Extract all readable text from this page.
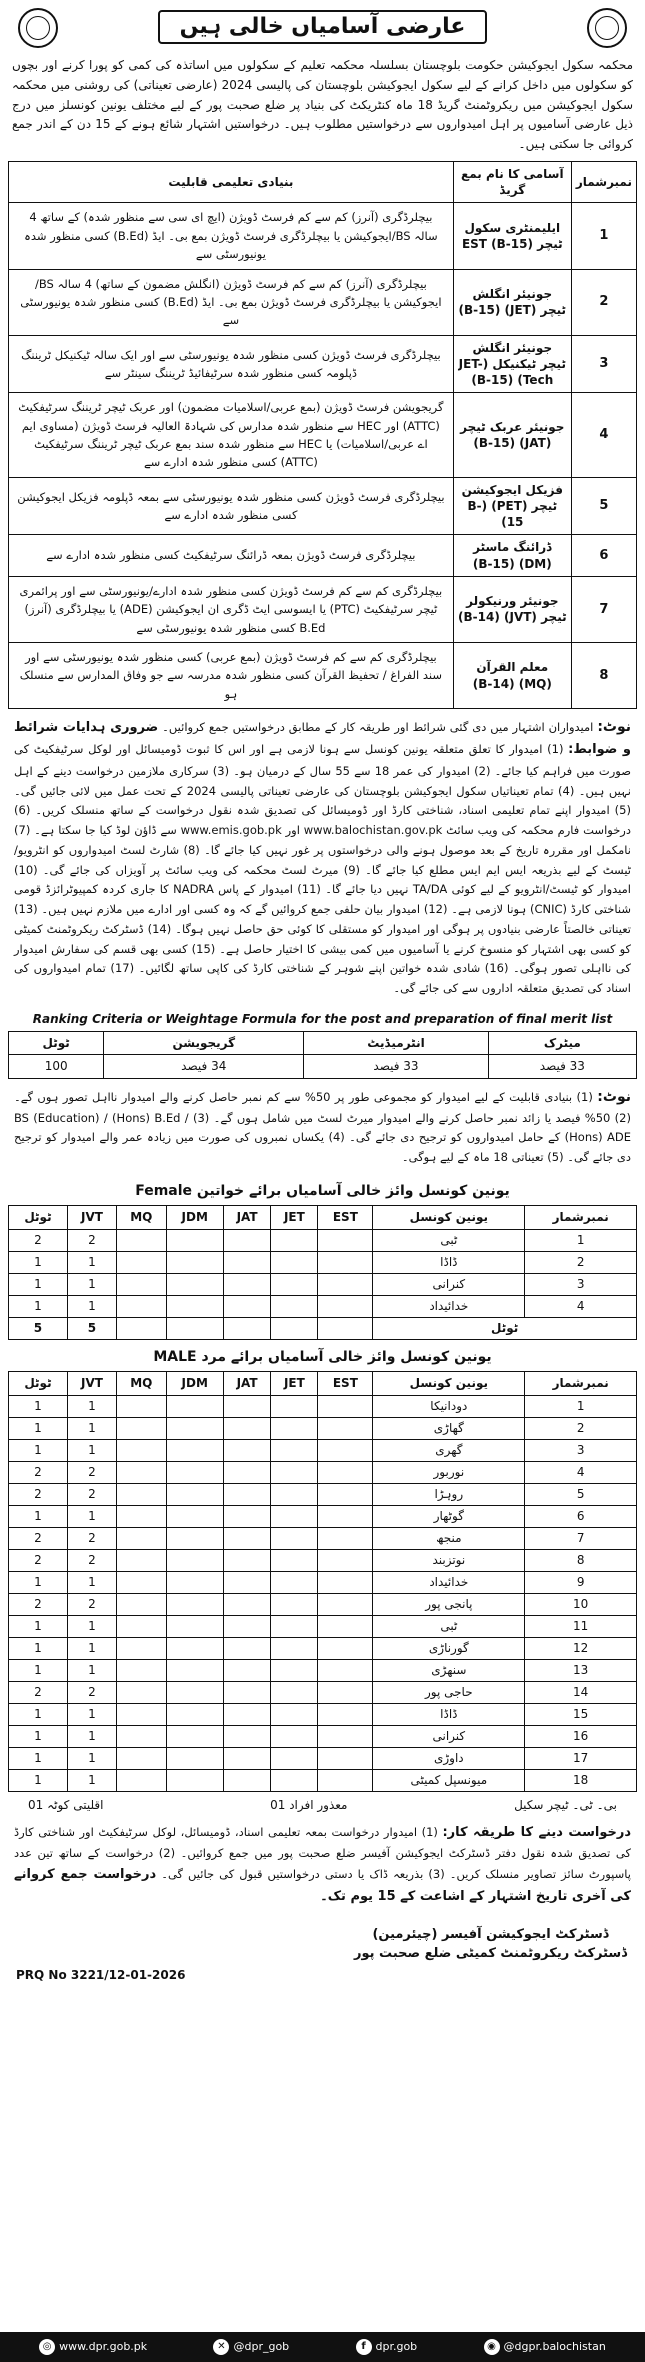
عارضی آسامیاں خالی ہیں

محکمہ سکول ایجوکیشن حکومت بلوچستان بسلسلہ محکمہ تعلیم کے سکولوں میں اساتذہ کی کمی کو پورا کرنے اور بچوں کو سکولوں میں داخل کرانے کے لیے سکول ایجوکیشن بلوچستان کی پالیسی 2024 (عارضی تعیناتی) کی روشنی میں محکمہ سکول ایجوکیشن میں ریکروٹمنٹ گریڈ 18 ماہ کنٹریکٹ کی بنیاد پر ضلع صحبت پور کے لیے مختلف یونین کونسلز میں درج ذیل عارضی آسامیوں پر اہل امیدواروں سے درخواستیں مطلوب ہیں۔ درخواستیں اشتہار شائع ہونے کے 15 دن کے اندر جمع کروائی جا سکتی ہیں۔

نمبرشمار	آسامی کا نام بمع گریڈ	بنیادی تعلیمی قابلیت
1	ایلیمنٹری سکول ٹیچر EST (B-15)	بیچلرڈگری (آنرز) کم سے کم فرسٹ ڈویژن (ایچ ای سی سے منظور شدہ) کے ساتھ 4 سالہ BS/ایجوکیشن یا بیچلرڈگری فرسٹ ڈویژن بمع بی۔ ایڈ (B.Ed) کسی منظور شدہ یونیورسٹی سے
2	جونیئر انگلش ٹیچر (JET) (B-15)	بیچلرڈگری (آنرز) کم سے کم فرسٹ ڈویژن (انگلش مضمون کے ساتھ) 4 سالہ BS/ایجوکیشن یا بیچلرڈگری فرسٹ ڈویژن بمع بی۔ ایڈ (B.Ed) کسی منظور شدہ یونیورسٹی سے
3	جونیئر انگلش ٹیچر ٹیکنیکل (JET-Tech) (B-15)	بیچلرڈگری فرسٹ ڈویژن کسی منظور شدہ یونیورسٹی سے اور ایک سالہ ٹیکنیکل ٹریننگ ڈپلومہ کسی منظور شدہ سرٹیفائیڈ ٹریننگ سینٹر سے
4	جونیئر عربک ٹیچر (JAT) (B-15)	گریجویشن فرسٹ ڈویژن (بمع عربی/اسلامیات مضمون) اور عربک ٹیچر ٹریننگ سرٹیفکیٹ (ATTC) اور HEC سے منظور شدہ مدارس کی شہادۃ العالیہ فرسٹ ڈویژن (مساوی ایم اے عربی/اسلامیات) یا HEC سے منظور شدہ سند بمع عربک ٹیچر ٹریننگ سرٹیفکیٹ (ATTC) کسی منظور شدہ ادارے سے
5	فزیکل ایجوکیشن ٹیچر (PET) (B-15)	بیچلرڈگری فرسٹ ڈویژن کسی منظور شدہ یونیورسٹی سے بمعہ ڈپلومہ فزیکل ایجوکیشن کسی منظور شدہ ادارے سے
6	ڈرائنگ ماسٹر (DM) (B-15)	بیچلرڈگری فرسٹ ڈویژن بمعہ ڈرائنگ سرٹیفکیٹ کسی منظور شدہ ادارے سے
7	جونیئر ورنیکولر ٹیچر (JVT) (B-14)	بیچلرڈگری کم سے کم فرسٹ ڈویژن کسی منظور شدہ ادارے/یونیورسٹی سے اور پرائمری ٹیچر سرٹیفکیٹ (PTC) یا ایسوسی ایٹ ڈگری ان ایجوکیشن (ADE) یا بیچلرڈگری (آنرز) B.Ed کسی منظور شدہ یونیورسٹی سے
8	معلم القرآن (MQ) (B-14)	بیچلرڈگری کم سے کم فرسٹ ڈویژن (بمع عربی) کسی منظور شدہ یونیورسٹی سے اور سند الفراغ / تحفیظ القرآن کسی منظور شدہ مدرسہ سے جو وفاق المدارس سے منسلک ہو
نوٹ: امیدواران اشتہار میں دی گئی شرائط اور طریقہ کار کے مطابق درخواستیں جمع کروائیں۔ ضروری ہدایات شرائط و ضوابط: (1) امیدوار کا تعلق متعلقہ یونین کونسل سے ہونا لازمی ہے اور اس کا ثبوت ڈومیسائل اور لوکل سرٹیفکیٹ کی صورت میں فراہم کیا جائے۔ (2) امیدوار کی عمر 18 سے 55 سال کے درمیان ہو۔ (3) سرکاری ملازمین درخواست دینے کے اہل نہیں ہیں۔ (4) تمام تعیناتیاں سکول ایجوکیشن بلوچستان کی عارضی تعیناتی پالیسی 2024 کے تحت عمل میں لائی جائیں گی۔ (5) امیدوار اپنے تمام تعلیمی اسناد، شناختی کارڈ اور ڈومیسائل کی تصدیق شدہ نقول درخواست کے ساتھ منسلک کریں۔ (6) درخواست فارم محکمہ کی ویب سائٹ www.balochistan.gov.pk اور www.emis.gob.pk سے ڈاؤن لوڈ کیا جا سکتا ہے۔ (7) نامکمل اور مقررہ تاریخ کے بعد موصول ہونے والی درخواستوں پر غور نہیں کیا جائے گا۔ (8) شارٹ لسٹ امیدواروں کو انٹرویو/ٹیسٹ کے لیے بذریعہ ایس ایم ایس مطلع کیا جائے گا۔ (9) میرٹ لسٹ محکمہ کی ویب سائٹ پر آویزاں کی جائے گی۔ (10) امیدوار کو ٹیسٹ/انٹرویو کے لیے کوئی TA/DA نہیں دیا جائے گا۔ (11) امیدوار کے پاس NADRA کا جاری کردہ کمپیوٹرائزڈ قومی شناختی کارڈ (CNIC) ہونا لازمی ہے۔ (12) امیدوار بیان حلفی جمع کروائیں گے کہ وہ کسی اور ادارے میں ملازم نہیں ہیں۔ (13) تعیناتی خالصتاً عارضی بنیادوں پر ہوگی اور امیدوار کو مستقلی کا کوئی حق حاصل نہیں ہوگا۔ (14) ڈسٹرکٹ ریکروٹمنٹ کمیٹی کو کسی بھی اشتہار کو منسوخ کرنے یا آسامیوں میں کمی بیشی کا اختیار حاصل ہے۔ (15) کسی بھی قسم کی سفارش امیدوار کی نااہلی تصور ہوگی۔ (16) شادی شدہ خواتین اپنے شوہر کے شناختی کارڈ کی کاپی ساتھ لگائیں۔ (17) تمام امیدواروں کی اسناد کی تصدیق متعلقہ اداروں سے کی جائے گی۔
Ranking Criteria or Weightage Formula for the post and preparation of final merit list
میٹرک	انٹرمیڈیٹ	گریجویشن	ٹوٹل
33 فیصد	33 فیصد	34 فیصد	100
نوٹ: (1) بنیادی قابلیت کے لیے امیدوار کو مجموعی طور پر 50% سے کم نمبر حاصل کرنے والے امیدوار نااہل تصور ہوں گے۔ (2) 50% فیصد یا زائد نمبر حاصل کرنے والے امیدوار میرٹ لسٹ میں شامل ہوں گے۔ (3) BS (Education) / (Hons) B.Ed / (Hons) ADE کے حامل امیدواروں کو ترجیح دی جائے گی۔ (4) یکساں نمبروں کی صورت میں زیادہ عمر والے امیدوار کو ترجیح دی جائے گی۔ (5) تعیناتی 18 ماہ کے لیے ہوگی۔
یونین کونسل وائز خالی آسامیاں برائے خواتین Female
نمبرشمار	یونین کونسل	EST	JET	JAT	JDM	MQ	JVT	ٹوٹل
1	ٹبی						2	2
2	ڈاڈا						1	1
3	کنرانی						1	1
4	خدائیداد						1	1
ٹوٹل							5	5
یونین کونسل وائز خالی آسامیاں برائے مرد MALE
نمبرشمار	یونین کونسل	EST	JET	JAT	JDM	MQ	JVT	ٹوٹل
1	دودانیکا						1	1
2	گھاڑی						1	1
3	گھری						1	1
4	نوربور						2	2
5	روہڑا						2	2
6	گوٹھار						1	1
7	منجھ						2	2
8	نوتزبند						2	2
9	خدائیداد						1	1
10	پانجی پور						2	2
11	ٹبی						1	1
12	گورناڑی						1	1
13	سنهڑی						1	1
14	حاجی پور						2	2
15	ڈاڈا						1	1
16	کنرانی						1	1
17	داوڑی						1	1
18	میونسپل کمیٹی						1	1
بی۔ ٹی۔ ٹیچر سکیل
معذور افراد 01
اقلیتی کوٹہ 01
درخواست دینے کا طریقہ کار: (1) امیدوار درخواست بمعہ تعلیمی اسناد، ڈومیسائل، لوکل سرٹیفکیٹ اور شناختی کارڈ کی تصدیق شدہ نقول دفتر ڈسٹرکٹ ایجوکیشن آفیسر ضلع صحبت پور میں جمع کروائیں۔ (2) درخواست کے ساتھ تین عدد پاسپورٹ سائز تصاویر منسلک کریں۔ (3) بذریعہ ڈاک یا دستی درخواستیں قبول کی جائیں گی۔ درخواست جمع کروانے کی آخری تاریخ اشتہار کے اشاعت کے 15 یوم تک۔
ڈسٹرکٹ ایجوکیشن آفیسر (چیئرمین)
ڈسٹرکٹ ریکروٹمنٹ کمیٹی ضلع صحبت پور
PRQ No 3221/12-01-2026
◎ www.dpr.gob.pk	✕ @dpr_gob	f dpr.gob	◉ @dgpr.balochistan
